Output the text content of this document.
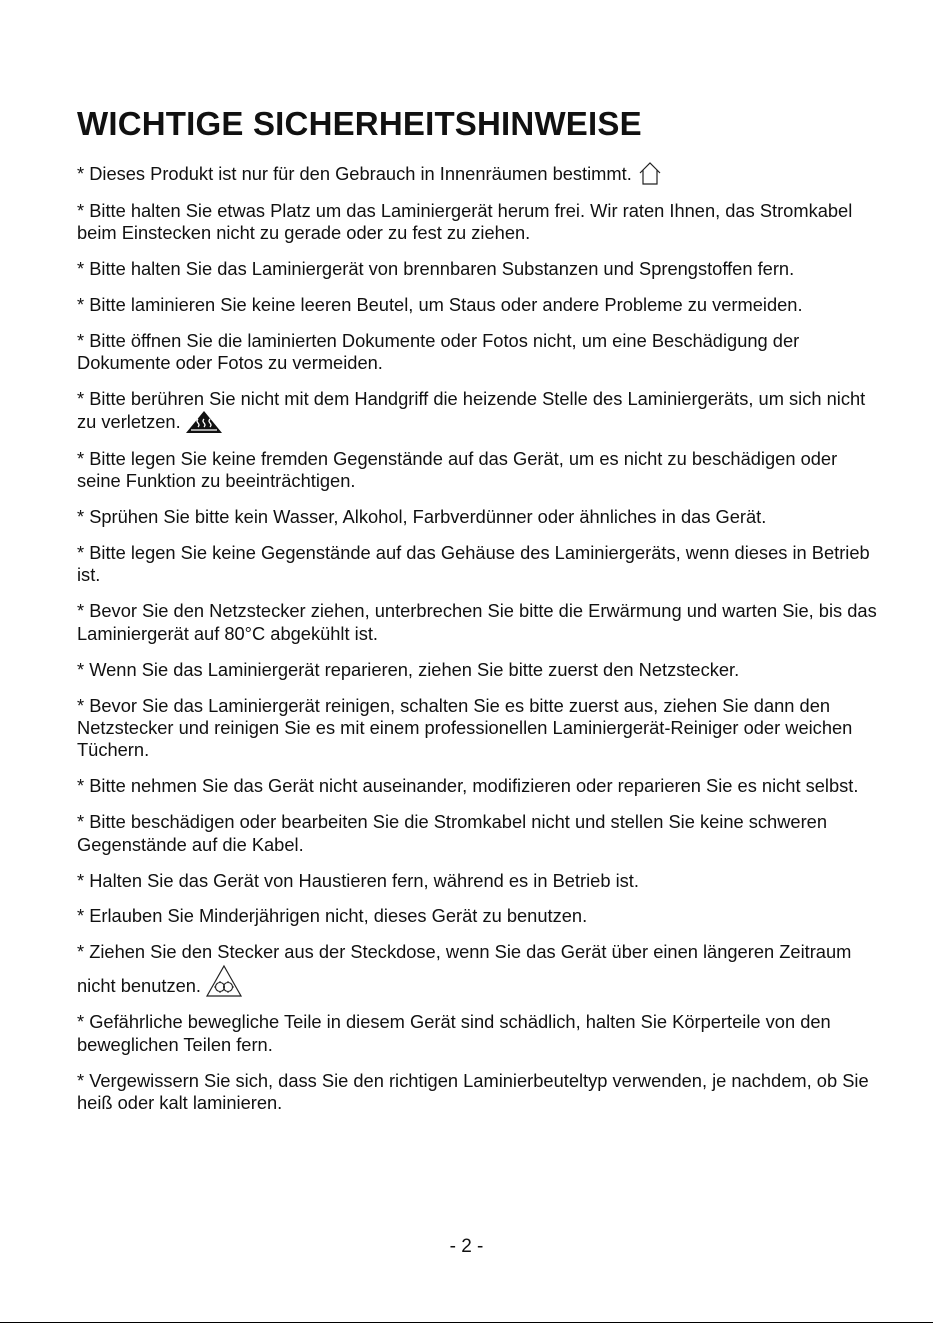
WICHTIGE SICHERHEITSHINWEISE
* Dieses Produkt ist nur für den Gebrauch in Innenräumen bestimmt.
* Bitte halten Sie etwas Platz um das Laminiergerät herum frei. Wir raten Ihnen, das Stromkabel beim Einstecken nicht zu gerade oder zu fest zu ziehen.
* Bitte halten Sie das Laminiergerät von brennbaren Substanzen und Sprengstoffen fern.
* Bitte laminieren Sie keine leeren Beutel, um Staus oder andere Probleme zu vermeiden.
* Bitte öffnen Sie die laminierten Dokumente oder Fotos nicht, um eine Beschädigung der Dokumente oder Fotos zu vermeiden.
* Bitte berühren Sie nicht mit dem Handgriff die heizende Stelle des Laminiergeräts, um sich nicht zu verletzen.
* Bitte legen Sie keine fremden Gegenstände auf das Gerät, um es nicht zu beschädigen oder seine Funktion zu beeinträchtigen.
* Sprühen Sie bitte kein Wasser, Alkohol, Farbverdünner oder ähnliches in das Gerät.
* Bitte legen Sie keine Gegenstände auf das Gehäuse des Laminiergeräts, wenn dieses in Betrieb ist.
* Bevor Sie den Netzstecker ziehen, unterbrechen Sie bitte die Erwärmung und warten Sie, bis das Laminiergerät auf 80°C abgekühlt ist.
* Wenn Sie das Laminiergerät reparieren, ziehen Sie bitte zuerst den Netzstecker.
* Bevor Sie das Laminiergerät reinigen, schalten Sie es bitte zuerst aus, ziehen Sie dann den Netzstecker und reinigen Sie es mit einem professionellen Laminiergerät-Reiniger oder weichen Tüchern.
* Bitte nehmen Sie das Gerät nicht auseinander, modifizieren oder reparieren Sie es nicht selbst.
* Bitte beschädigen oder bearbeiten Sie die Stromkabel nicht und stellen Sie keine schweren Gegenstände auf die Kabel.
* Halten Sie das Gerät von Haustieren fern, während es in Betrieb ist.
* Erlauben Sie Minderjährigen nicht, dieses Gerät zu benutzen.
* Ziehen Sie den Stecker aus der Steckdose, wenn Sie das Gerät über einen längeren Zeitraum nicht benutzen.
* Gefährliche bewegliche Teile in diesem Gerät sind schädlich, halten Sie Körperteile von den beweglichen Teilen fern.
* Vergewissern Sie sich, dass Sie den richtigen Laminierbeuteltyp verwenden, je nachdem, ob Sie heiß oder kalt laminieren.
- 2 -
